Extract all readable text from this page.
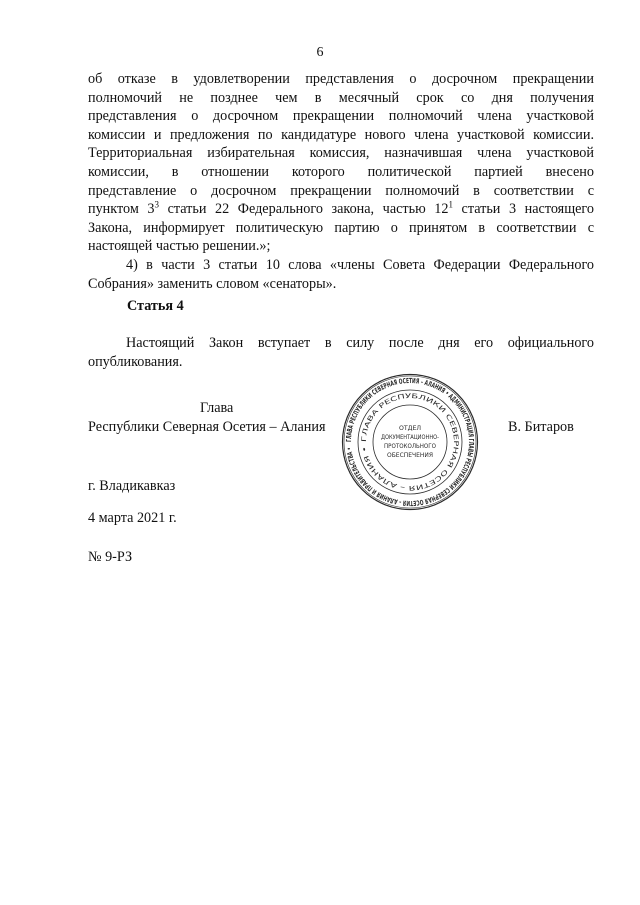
6
об отказе в удовлетворении представления о досрочном прекращении
полномочий не позднее чем в месячный срок со дня получения
представления о досрочном прекращении полномочий члена участковой
комиссии и предложения по кандидатуре нового члена участковой комиссии.
Территориальная избирательная комиссия, назначившая члена участковой
комиссии, в отношении которого политической партией внесено
представление о досрочном прекращении полномочий в соответствии с
пунктом $3^3$ статьи 22 Федерального закона, частью $12^1$ статьи 3 настоящего
Закона, информирует политическую партию о принятом в соответствии с
настоящей частью решении.»;
4) в части 3 статьи 10 слова «члены Совета Федерации Федерального
Собрания» заменить словом «сенаторы».
Статья 4
Настоящий Закон вступает в силу после дня его официального
опубликования.
Глава
Республики Северная Осетия – Алания	В. Битаров
ГЛАВА РЕСПУБЛИКИ СЕВЕРНАЯ ОСЕТИЯ – АЛАНИЯ • АДМИНИСТРАЦИЯ ГЛАВЫ РЕСПУБЛИКИ СЕВЕРНАЯ ОСЕТИЯ – АЛАНИЯ И ПРАВИТЕЛЬСТВА •
ГЛАВА РЕСПУБЛИКИ СЕВЕРНАЯ ОСЕТИЯ – АЛАНИЯ •
ОТДЕЛ
ДОКУМЕНТАЦИОННО-
ПРОТОКОЛЬНОГО
ОБЕСПЕЧЕНИЯ
г. Владикавказ
4 марта 2021 г.
№ 9-РЗ
